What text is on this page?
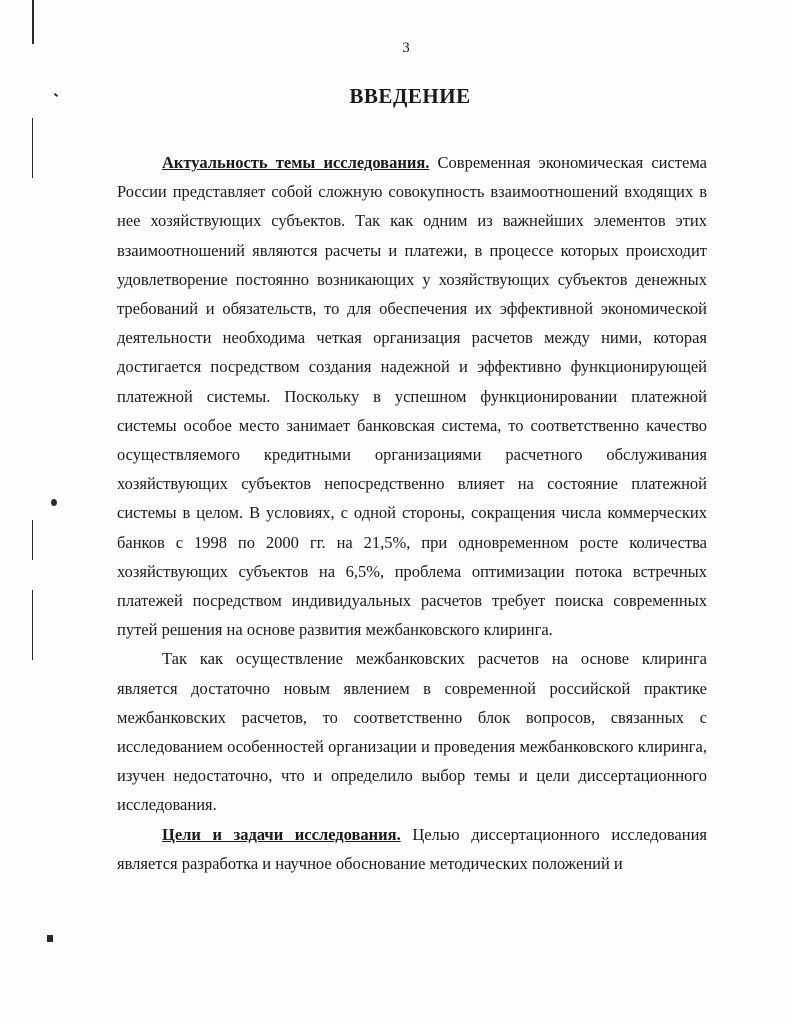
3
ВВЕДЕНИЕ

Актуальность темы исследования. Современная экономическая система России представляет собой сложную совокупность взаимоотношений входящих в нее хозяйствующих субъектов. Так как одним из важнейших элементов этих взаимоотношений являются расчеты и платежи, в процессе которых происходит удовлетворение постоянно возникающих у хозяйствующих субъектов денежных требований и обязательств, то для обеспечения их эффективной экономической деятельности необходима четкая организация расчетов между ними, которая достигается посредством создания надежной и эффективно функционирующей платежной системы. Поскольку в успешном функционировании платежной системы особое место занимает банковская система, то соответственно качество осуществляемого кредитными организациями расчетного обслуживания хозяйствующих субъектов непосредственно влияет на состояние платежной системы в целом. В условиях, с одной стороны, сокращения числа коммерческих банков с 1998 по 2000 гг. на 21,5%, при одновременном росте количества хозяйствующих субъектов на 6,5%, проблема оптимизации потока встречных платежей посредством индивидуальных расчетов требует поиска современных путей решения на основе развития межбанковского клиринга.

Так как осуществление межбанковских расчетов на основе клиринга является достаточно новым явлением в современной российской практике межбанковских расчетов, то соответственно блок вопросов, связанных с исследованием особенностей организации и проведения межбанковского клиринга, изучен недостаточно, что и определило выбор темы и цели диссертационного исследования.

Цели и задачи исследования. Целью диссертационного исследования является разработка и научное обоснование методических положений и
